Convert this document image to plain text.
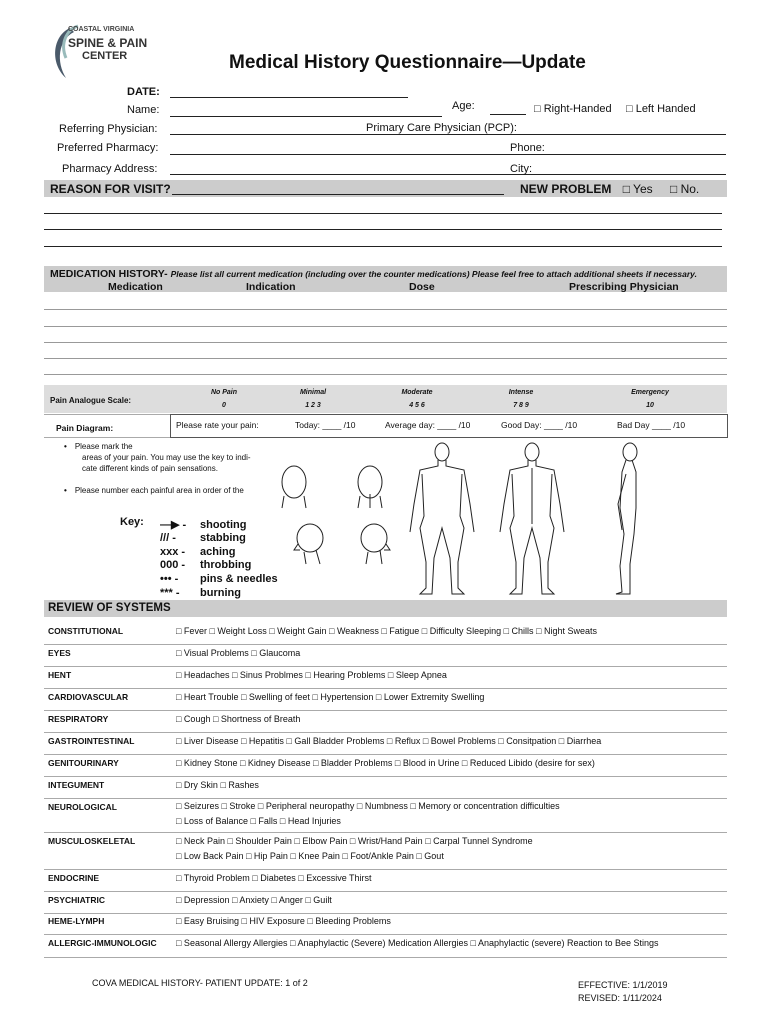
COASTAL VIRGINIA
SPINE & PAIN
CENTER	Medical History Questionnaire—Update
DATE:
Name:	Age:	□ Right-Handed □ Left Handed
Referring Physician:	Primary Care Physician (PCP):
Preferred Pharmacy:	Phone:
Pharmacy Address:	City:
REASON FOR VISIT?	NEW PROBLEM □ Yes □ No.
MEDICATION HISTORY- Please list all current medication (including over the counter medications) Please feel free to attach additional sheets if necessary.
Medication	Indication	Dose	Prescribing Physician
Pain Analogue Scale:
No Pain
0
Minimal
1 2 3
Moderate
4 5 6
Intense
7 8 9
Emergency
10
Pain Diagram:	Please rate your pain:	Today: ____ /10	Average day: ____ /10	Good Day: ____ /10	Bad Day ____ /10
• Please mark the
areas of your pain. You may use the key to indi-
cate different kinds of pain sensations.
• Please number each painful area in order of the
Key: —▶ - shooting
/// - stabbing
xxx - aching
000 - throbbing
••• - pins & needles
*** - burning
REVIEW OF SYSTEMS
CONSTITUTIONAL	□ Fever □ Weight Loss □ Weight Gain □ Weakness □ Fatigue □ Difficulty Sleeping □ Chills □ Night Sweats
EYES	□ Visual Problems □ Glaucoma
HENT	□ Headaches □ Sinus Problmes □ Hearing Problems □ Sleep Apnea
CARDIOVASCULAR	□ Heart Trouble □ Swelling of feet □ Hypertension □ Lower Extremity Swelling
RESPIRATORY	□ Cough □ Shortness of Breath
GASTROINTESTINAL	□ Liver Disease □ Hepatitis □ Gall Bladder Problems □ Reflux □ Bowel Problems □ Consitpation □ Diarrhea
GENITOURINARY	□ Kidney Stone □ Kidney Disease □ Bladder Problems □ Blood in Urine □ Reduced Libido (desire for sex)
INTEGUMENT	□ Dry Skin □ Rashes
NEUROLOGICAL	□ Seizures □ Stroke □ Peripheral neuropathy □ Numbness □ Memory or concentration difficulties
□ Loss of Balance □ Falls □ Head Injuries
MUSCULOSKELETAL	□ Neck Pain □ Shoulder Pain □ Elbow Pain □ Wrist/Hand Pain □ Carpal Tunnel Syndrome
□ Low Back Pain □ Hip Pain □ Knee Pain □ Foot/Ankle Pain □ Gout
ENDOCRINE	□ Thyroid Problem □ Diabetes □ Excessive Thirst
PSYCHIATRIC	□ Depression □ Anxiety □ Anger □ Guilt
HEME-LYMPH	□ Easy Bruising □ HIV Exposure □ Bleeding Problems
ALLERGIC-IMMUNOLOGIC □ Seasonal Allergy Allergies □ Anaphylactic (Severe) Medication Allergies □ Anaphylactic (severe) Reaction to Bee Stings
COVA MEDICAL HISTORY- PATIENT UPDATE: 1 of 2	EFFECTIVE: 1/1/2019
REVISED: 1/11/2024
